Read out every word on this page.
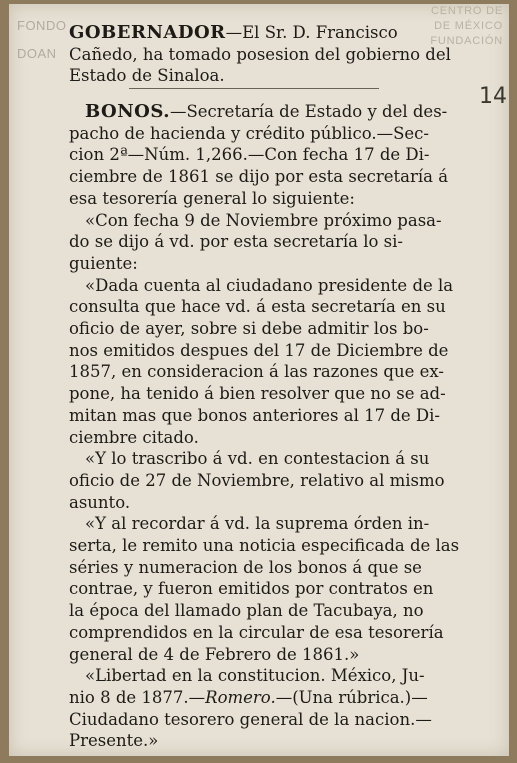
FONDO
DOAN
CENTRO DE
DE MÉXICO
FUNDACIÓN
14
GOBERNADOR—El Sr. D. Francisco
Cañedo, ha tomado posesion del gobierno del
Estado de Sinaloa.
BONOS.—Secretaría de Estado y del des-
pacho de hacienda y crédito público.—Sec-
cion 2ª—Núm. 1,266.—Con fecha 17 de Di-
ciembre de 1861 se dijo por esta secretaría á
esa tesorería general lo siguiente:
«Con fecha 9 de Noviembre próximo pasa-
do se dijo á vd. por esta secretaría lo si-
guiente:
«Dada cuenta al ciudadano presidente de la
consulta que hace vd. á esta secretaría en su
oficio de ayer, sobre si debe admitir los bo-
nos emitidos despues del 17 de Diciembre de
1857, en consideracion á las razones que ex-
pone, ha tenido á bien resolver que no se ad-
mitan mas que bonos anteriores al 17 de Di-
ciembre citado.
«Y lo trascribo á vd. en contestacion á su
oficio de 27 de Noviembre, relativo al mismo
asunto.
«Y al recordar á vd. la suprema órden in-
serta, le remito una noticia especificada de las
séries y numeracion de los bonos á que se
contrae, y fueron emitidos por contratos en
la época del llamado plan de Tacubaya, no
comprendidos en la circular de esa tesorería
general de 4 de Febrero de 1861.»
«Libertad en la constitucion. México, Ju-
nio 8 de 1877.—Romero.—(Una rúbrica.)—
Ciudadano tesorero general de la nacion.—
Presente.»
